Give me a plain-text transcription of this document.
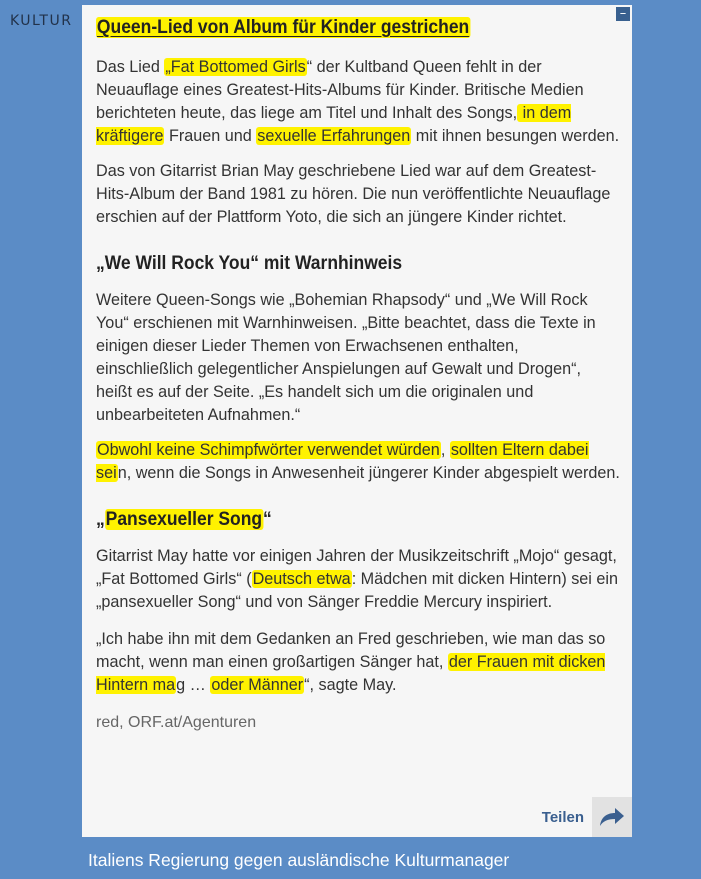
KULTUR	–
Queen-Lied von Album für Kinder gestrichen

Das Lied „Fat Bottomed Girls“ der Kultband Queen fehlt in der Neuauflage eines Greatest-Hits-Albums für Kinder. Britische Medien berichteten heute, das liege am Titel und Inhalt des Songs, in dem kräftigere Frauen und sexuelle Erfahrungen mit ihnen besungen werden.

Das von Gitarrist Brian May geschriebene Lied war auf dem Greatest-Hits-Album der Band 1981 zu hören. Die nun veröffentlichte Neuauflage erschien auf der Plattform Yoto, die sich an jüngere Kinder richtet.

„We Will Rock You“ mit Warnhinweis

Weitere Queen-Songs wie „Bohemian Rhapsody“ und „We Will Rock You“ erschienen mit Warnhinweisen. „Bitte beachtet, dass die Texte in einigen dieser Lieder Themen von Erwachsenen enthalten, einschließlich gelegentlicher Anspielungen auf Gewalt und Drogen“, heißt es auf der Seite. „Es handelt sich um die originalen und unbearbeiteten Aufnahmen.“

Obwohl keine Schimpfwörter verwendet würden, sollten Eltern dabei sein, wenn die Songs in Anwesenheit jüngerer Kinder abgespielt werden.

„Pansexueller Song“

Gitarrist May hatte vor einigen Jahren der Musikzeitschrift „Mojo“ gesagt, „Fat Bottomed Girls“ (Deutsch etwa: Mädchen mit dicken Hintern) sei ein „pansexueller Song“ und von Sänger Freddie Mercury inspiriert.

„Ich habe ihn mit dem Gedanken an Fred geschrieben, wie man das so macht, wenn man einen großartigen Sänger hat, der Frauen mit dicken Hintern mag … oder Männer“, sagte May.

red, ORF.at/Agenturen

Teilen
Italiens Regierung gegen ausländische Kulturmanager
